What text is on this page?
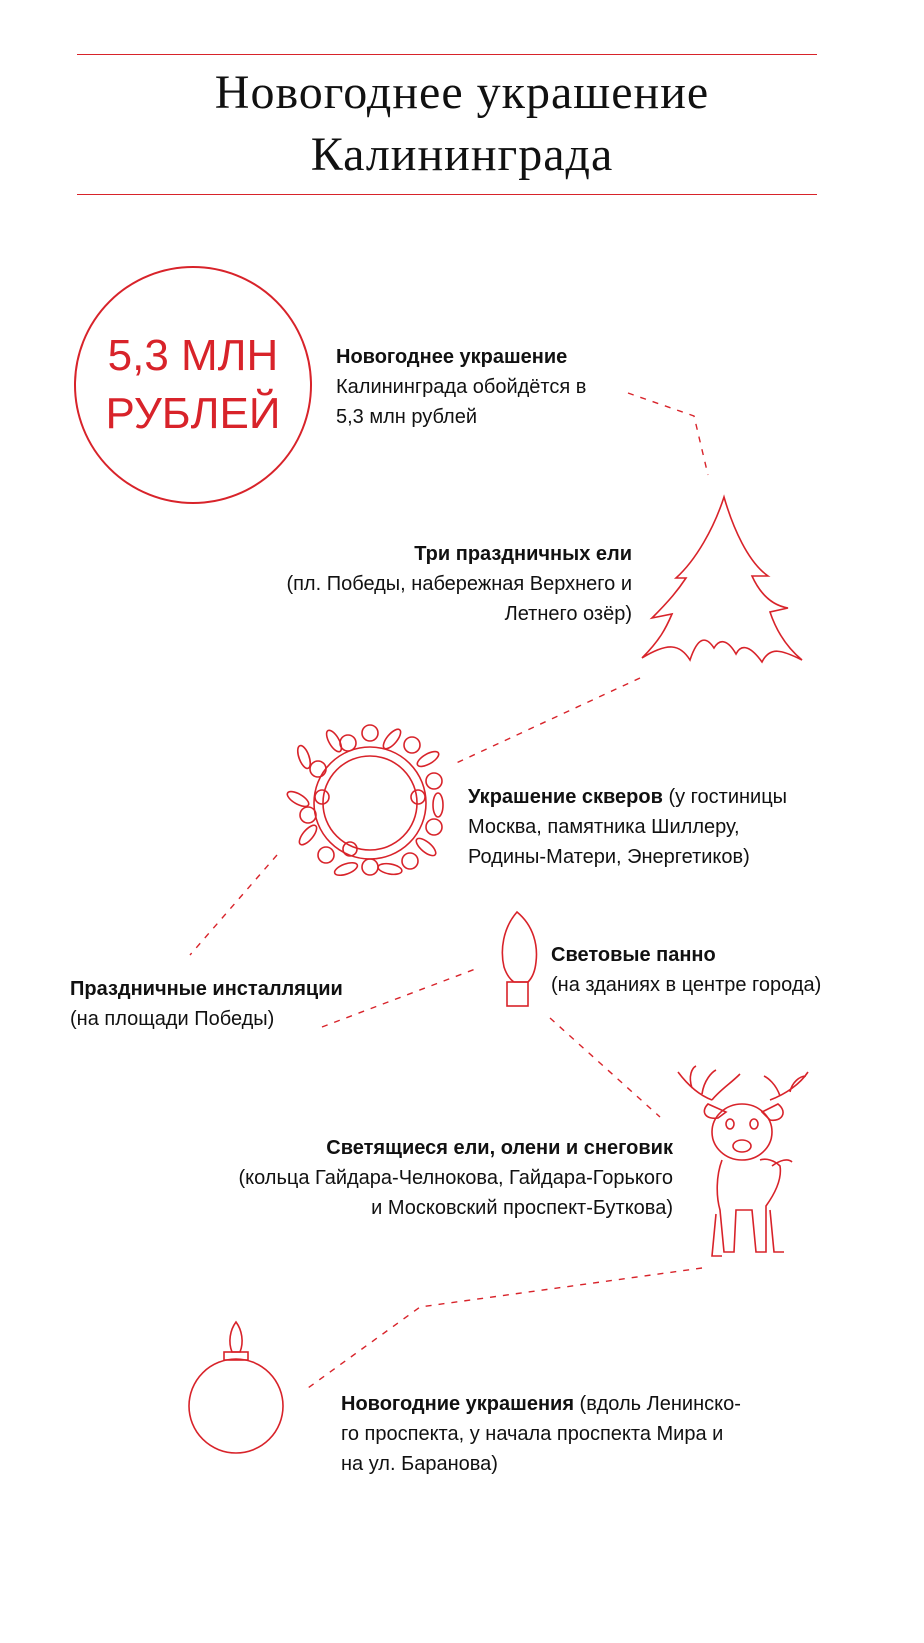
Новогоднее украшение
Калининграда
5,3 МЛН
РУБЛЕЙ
Новогоднее украшение
Калининграда обойдётся в
5,3 млн рублей
Три праздничных ели
(пл. Победы, набережная Верхнего и
Летнего озёр)
Украшение скверов (у гостиницы
Москва, памятника Шиллеру,
Родины-Матери, Энергетиков)
Праздничные инсталляции
(на площади Победы)
Световые панно
(на зданиях в центре города)
Светящиеся ели, олени и снеговик
(кольца Гайдара-Челнокова, Гайдара-Горького
и Московский проспект-Буткова)
Новогодние украшения (вдоль Ленинско-
го проспекта, у начала проспекта Мира и
на ул. Баранова)
